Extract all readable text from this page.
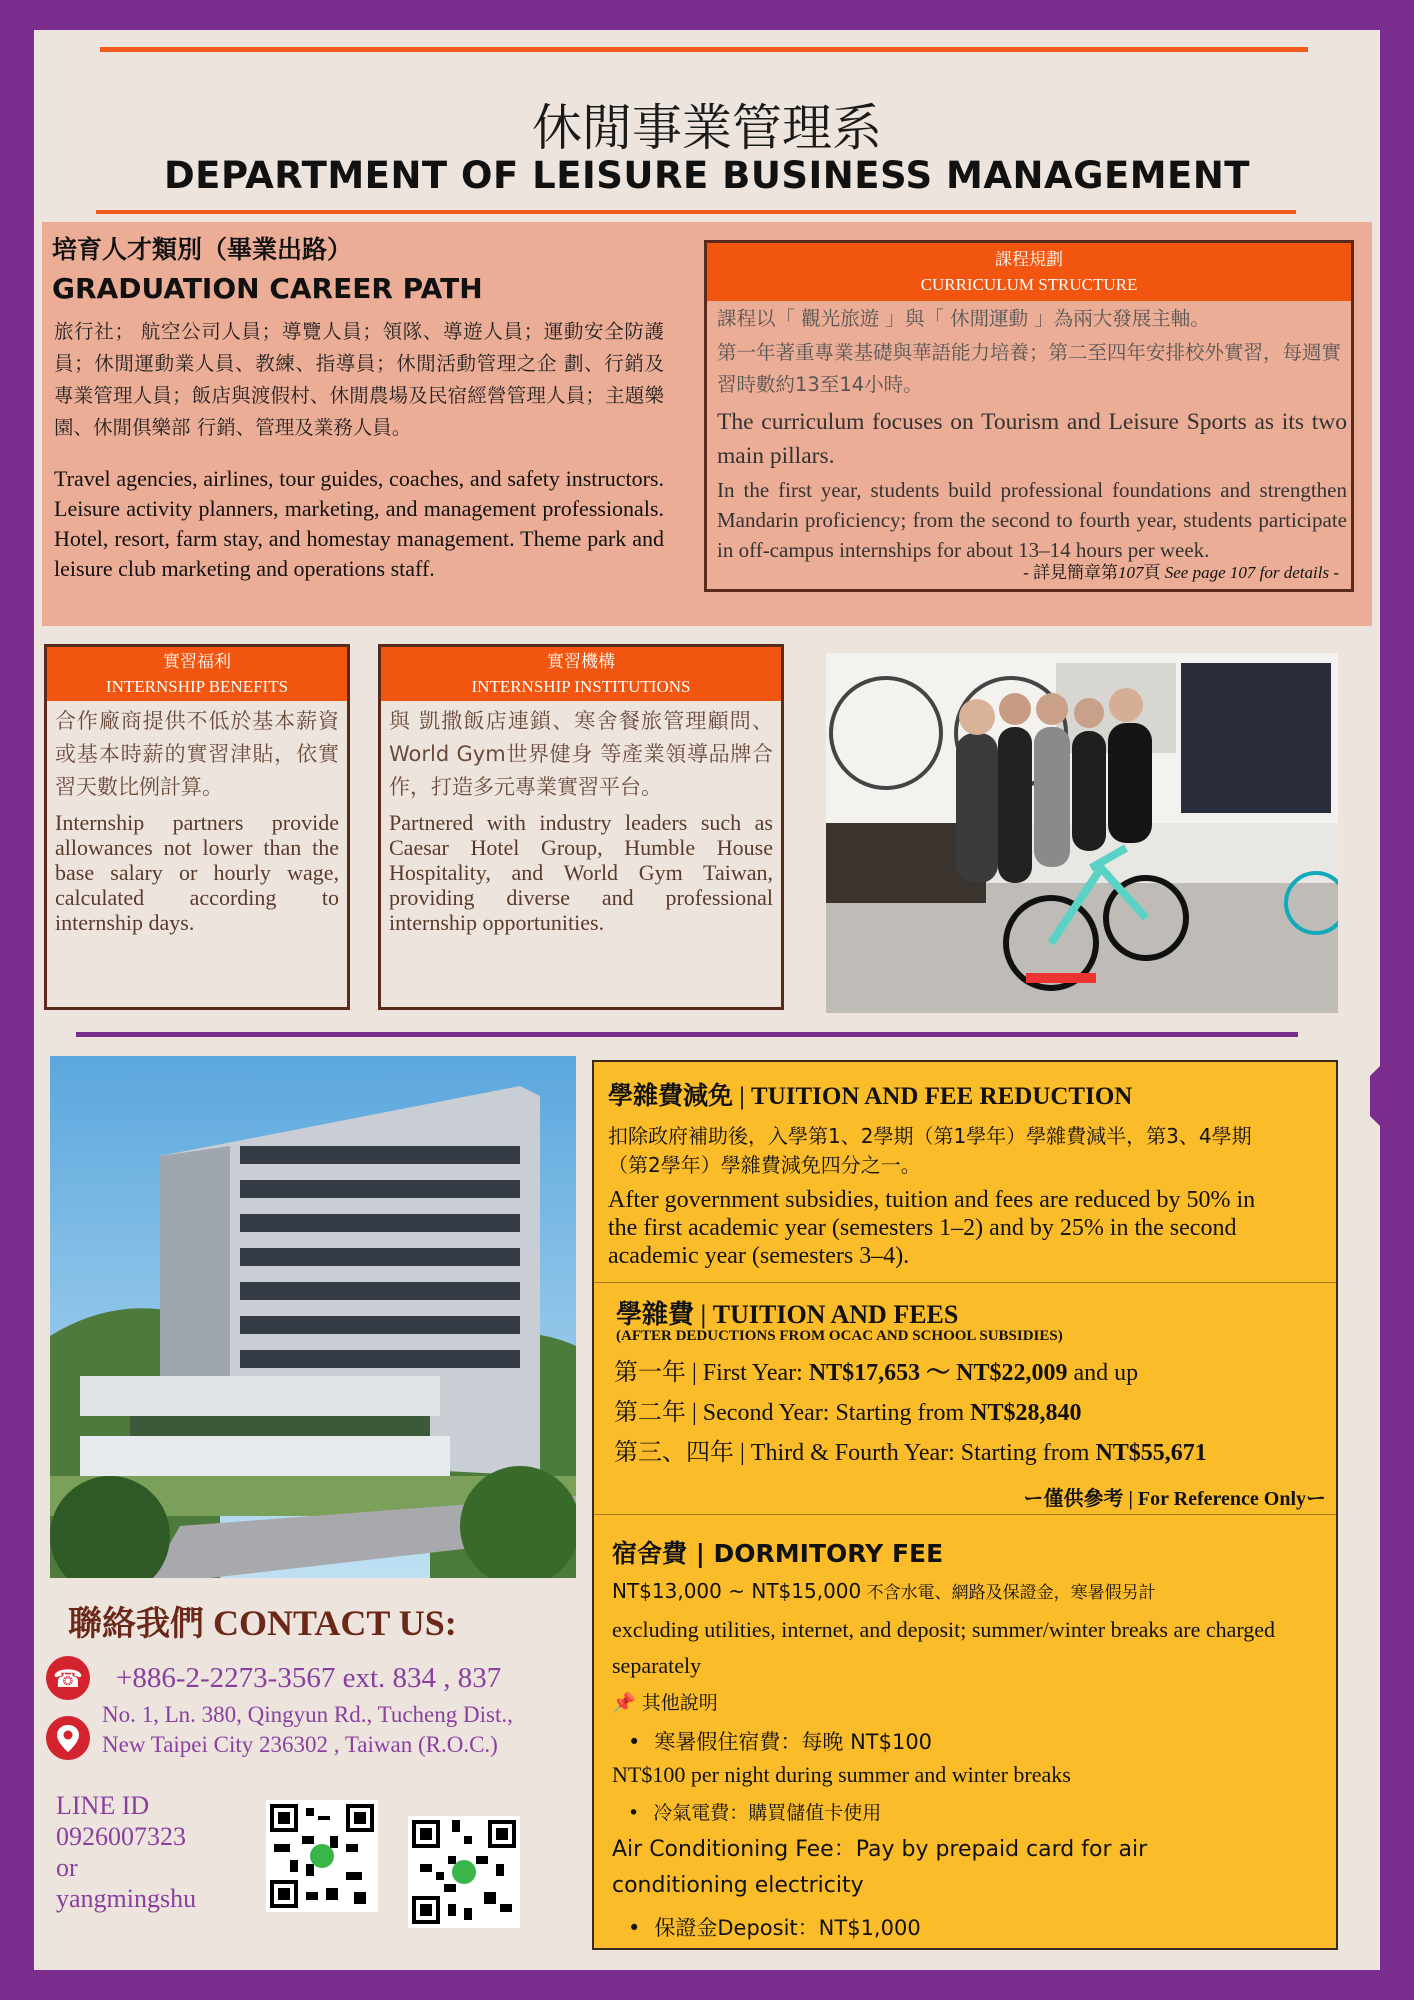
休閒事業管理系
DEPARTMENT OF LEISURE BUSINESS MANAGEMENT
培育人才類別（畢業出路）
GRADUATION CAREER PATH
旅行社； 航空公司人員；導覽人員；領隊、導遊人員；運動安全防護員；休閒運動業人員、教練、指導員；休閒活動管理之企 劃、行銷及專業管理人員；飯店與渡假村、休閒農場及民宿經營管理人員；主題樂園、休閒俱樂部 行銷、管理及業務人員。
Travel agencies, airlines, tour guides, coaches, and safety instructors. Leisure activity planners, marketing, and management professionals. Hotel, resort, farm stay, and homestay management. Theme park and leisure club marketing and operations staff.
課程規劃
CURRICULUM STRUCTURE
課程以「 觀光旅遊 」與「 休閒運動 」為兩大發展主軸。
第一年著重專業基礎與華語能力培養；第二至四年安排校外實習，每週實習時數約13至14小時。
The curriculum focuses on Tourism and Leisure Sports as its two main pillars.
In the first year, students build professional foundations and strengthen Mandarin proficiency; from the second to fourth year, students participate in off-campus internships for about 13–14 hours per week.
- 詳見簡章第107頁 See page 107 for details -
實習福利
INTERNSHIP BENEFITS
合作廠商提供不低於基本薪資或基本時薪的實習津貼，依實習天數比例計算。
Internship partners provide allowances not lower than the base salary or hourly wage, calculated according to internship days.
實習機構
INTERNSHIP INSTITUTIONS
與 凱撒飯店連鎖、寒舍餐旅管理顧問、World Gym世界健身 等產業領導品牌合作，打造多元專業實習平台。
Partnered with industry leaders such as Caesar Hotel Group, Humble House Hospitality, and World Gym Taiwan, providing diverse and professional internship opportunities.
聯絡我們 CONTACT US:
☎ +886-2-2273-3567 ext. 834 , 837
No. 1, Ln. 380, Qingyun Rd., Tucheng Dist.,
New Taipei City 236302 , Taiwan (R.O.C.)
LINE ID
0926007323
or
yangmingshu
學雜費減免 | TUITION AND FEE REDUCTION
扣除政府補助後，入學第1、2學期（第1學年）學雜費減半，第3、4學期（第2學年）學雜費減免四分之一。
After government subsidies, tuition and fees are reduced by 50% in the first academic year (semesters 1–2) and by 25% in the second academic year (semesters 3–4).
學雜費 | TUITION AND FEES
(AFTER DEDUCTIONS FROM OCAC AND SCHOOL SUBSIDIES)
第一年 | First Year: NT$17,653 〜 NT$22,009 and up
第二年 | Second Year: Starting from NT$28,840
第三、四年 | Third & Fourth Year: Starting from NT$55,671
ー僅供參考 | For Reference Onlyー
宿舍費 | DORMITORY FEE
NT$13,000 ~ NT$15,000 不含水電、網路及保證金，寒暑假另計
excluding utilities, internet, and deposit; summer/winter breaks are charged separately
📌 其他說明
• 寒暑假住宿費：每晚 NT$100
NT$100 per night during summer and winter breaks
• 冷氣電費：購買儲值卡使用
Air Conditioning Fee：Pay by prepaid card for air conditioning electricity
• 保證金Deposit：NT$1,000
